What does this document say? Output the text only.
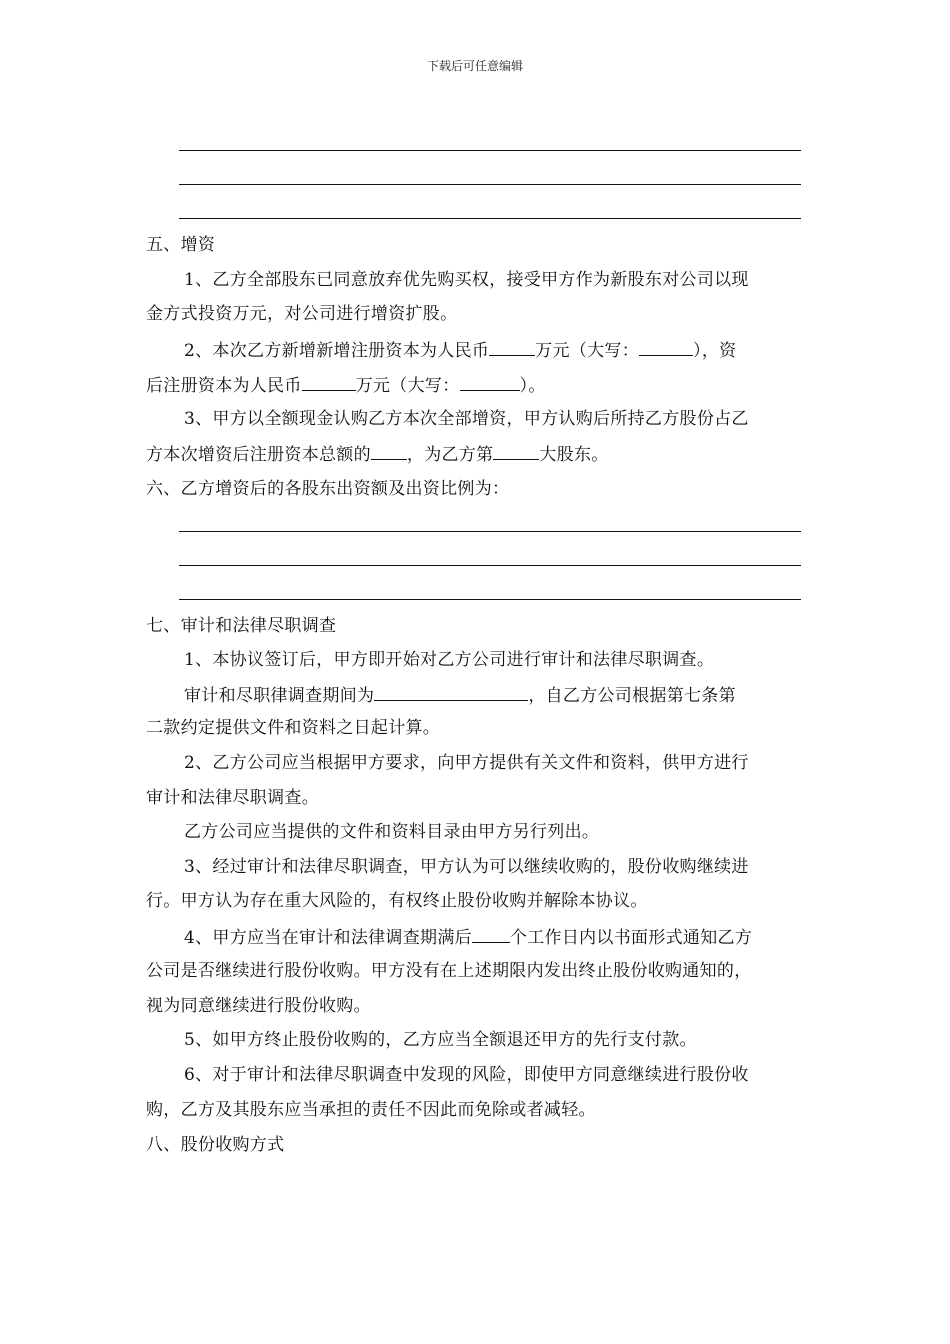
下载后可任意编辑
五、增资
1、乙方全部股东已同意放弃优先购买权，接受甲方作为新股东对公司以现
金方式投资万元，对公司进行增资扩股。
2、本次乙方新增新增注册资本为人民币	万元（大写：	），资
后注册资本为人民币	万元（大写：	）。
3、甲方以全额现金认购乙方本次全部增资，甲方认购后所持乙方股份占乙
方本次增资后注册资本总额的 ，为乙方第	大股东。
六、乙方增资后的各股东出资额及出资比例为：
七、审计和法律尽职调查
1、本协议签订后，甲方即开始对乙方公司进行审计和法律尽职调查。
审计和尽职律调查期间为	，自乙方公司根据第七条第
二款约定提供文件和资料之日起计算。
2、乙方公司应当根据甲方要求，向甲方提供有关文件和资料，供甲方进行
审计和法律尽职调查。
乙方公司应当提供的文件和资料目录由甲方另行列出。
3、经过审计和法律尽职调查，甲方认为可以继续收购的，股份收购继续进
行。甲方认为存在重大风险的，有权终止股份收购并解除本协议。
4、甲方应当在审计和法律调查期满后 个工作日内以书面形式通知乙方
公司是否继续进行股份收购。甲方没有在上述期限内发出终止股份收购通知的，
视为同意继续进行股份收购。
5、如甲方终止股份收购的，乙方应当全额退还甲方的先行支付款。
6、对于审计和法律尽职调查中发现的风险，即使甲方同意继续进行股份收
购，乙方及其股东应当承担的责任不因此而免除或者减轻。
八、股份收购方式
